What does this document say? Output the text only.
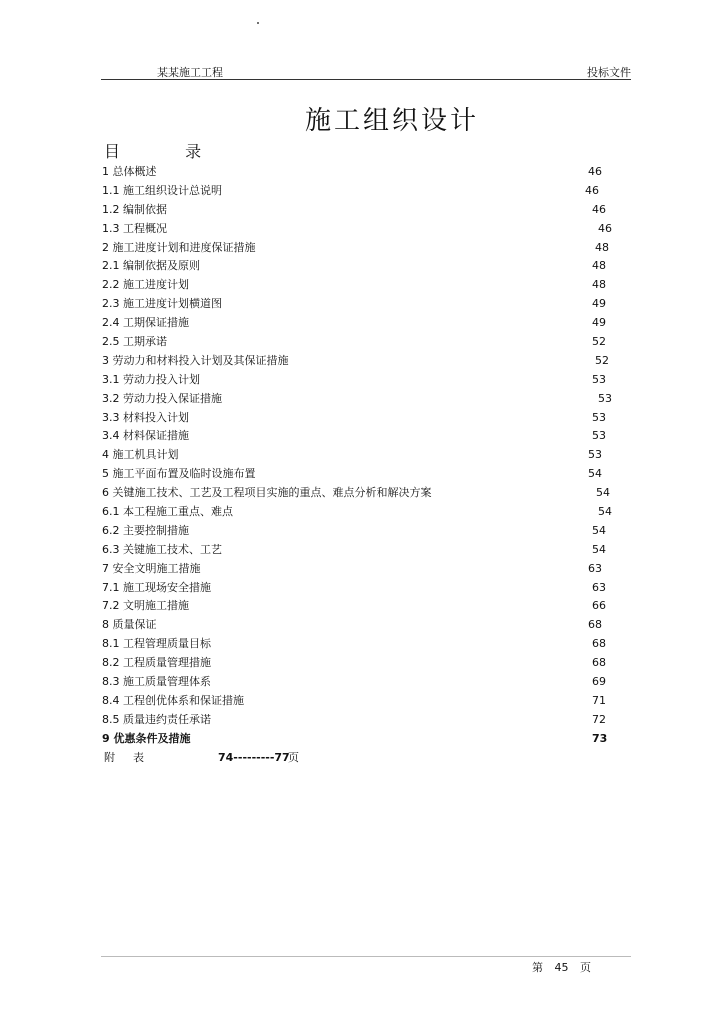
某某施工工程	投标文件
施工组织设计
目 录
1 总体概述	46
1.1 施工组织设计总说明	46
1.2 编制依据	46
1.3 工程概况	46
2 施工进度计划和进度保证措施	48
2.1 编制依据及原则	48
2.2 施工进度计划	48
2.3 施工进度计划横道图	49
2.4 工期保证措施	49
2.5 工期承诺	52
3 劳动力和材料投入计划及其保证措施	52
3.1 劳动力投入计划	53
3.2 劳动力投入保证措施	53
3.3 材料投入计划	53
3.4 材料保证措施	53
4 施工机具计划	53
5 施工平面布置及临时设施布置	54
6 关键施工技术、工艺及工程项目实施的重点、难点分析和解决方案	54
6.1 本工程施工重点、难点	54
6.2 主要控制措施	54
6.3 关键施工技术、工艺	54
7 安全文明施工措施	63
7.1 施工现场安全措施	63
7.2 文明施工措施	66
8 质量保证	68
8.1 工程管理质量目标	68
8.2 工程质量管理措施	68
8.3 施工质量管理体系	69
8.4 工程创优体系和保证措施	71
8.5 质量违约责任承诺	72
9 优惠条件及措施	73
附 表	74---------77
页
第 45 页
